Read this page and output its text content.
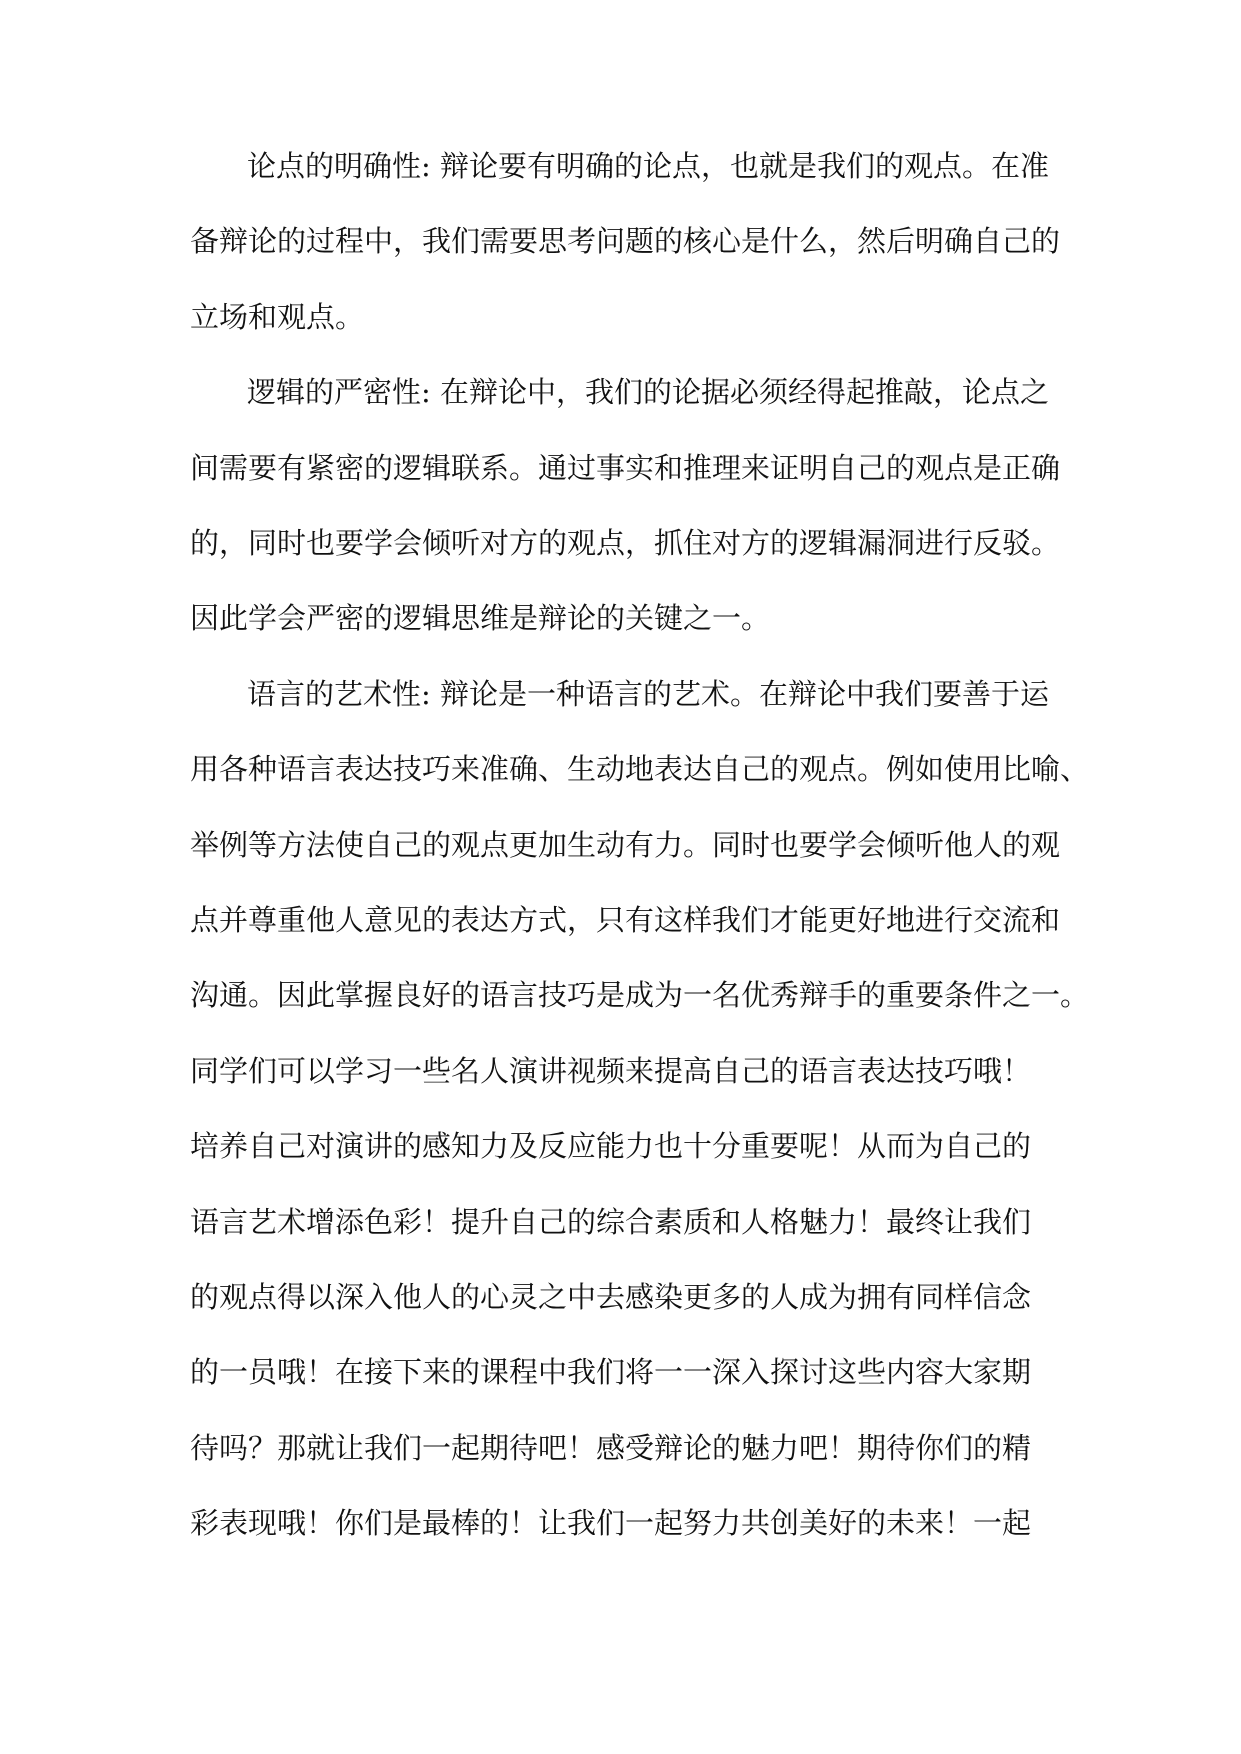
论点的明确性: 辩论要有明确的论点，也就是我们的观点。在准
备辩论的过程中，我们需要思考问题的核心是什么，然后明确自己的
立场和观点。
逻辑的严密性: 在辩论中，我们的论据必须经得起推敲，论点之
间需要有紧密的逻辑联系。通过事实和推理来证明自己的观点是正确
的，同时也要学会倾听对方的观点，抓住对方的逻辑漏洞进行反驳。
因此学会严密的逻辑思维是辩论的关键之一。
语言的艺术性: 辩论是一种语言的艺术。在辩论中我们要善于运
用各种语言表达技巧来准确、生动地表达自己的观点。例如使用比喻、
举例等方法使自己的观点更加生动有力。同时也要学会倾听他人的观
点并尊重他人意见的表达方式，只有这样我们才能更好地进行交流和
沟通。因此掌握良好的语言技巧是成为一名优秀辩手的重要条件之一。
同学们可以学习一些名人演讲视频来提高自己的语言表达技巧哦！
培养自己对演讲的感知力及反应能力也十分重要呢！从而为自己的
语言艺术增添色彩！提升自己的综合素质和人格魅力！最终让我们
的观点得以深入他人的心灵之中去感染更多的人成为拥有同样信念
的一员哦！在接下来的课程中我们将一一深入探讨这些内容大家期
待吗？那就让我们一起期待吧！感受辩论的魅力吧！期待你们的精
彩表现哦！你们是最棒的！让我们一起努力共创美好的未来！一起
